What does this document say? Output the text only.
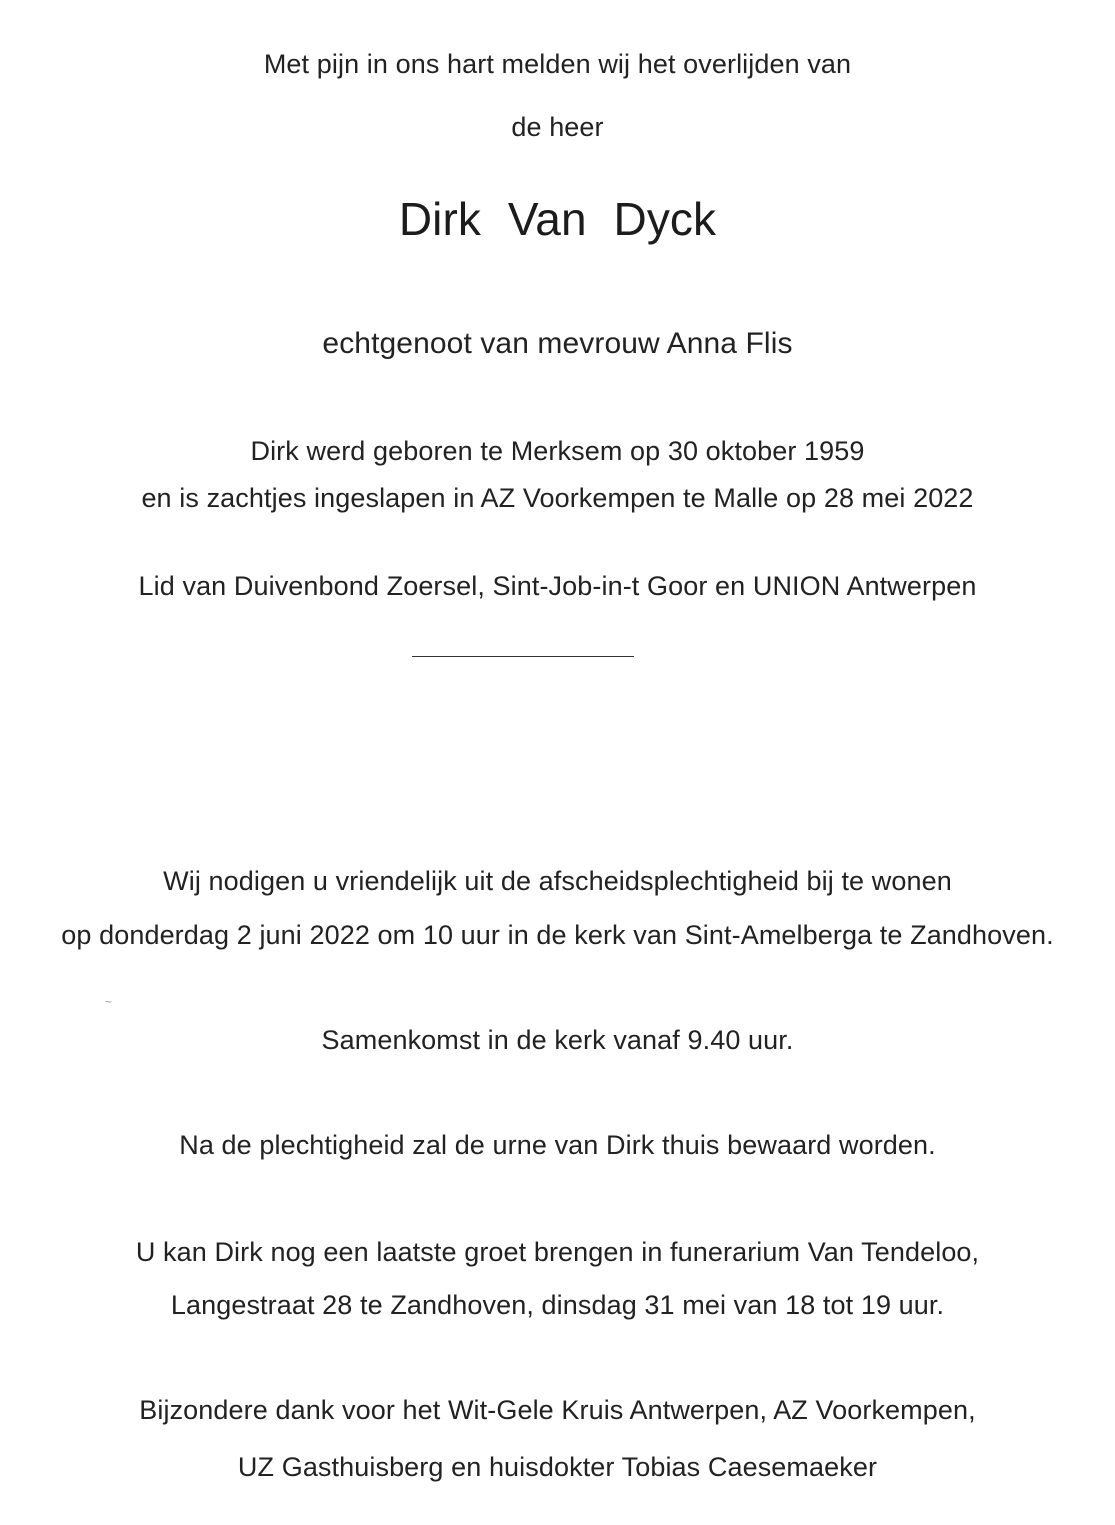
Met pijn in ons hart melden wij het overlijden van
de heer
Dirk Van Dyck
echtgenoot van mevrouw Anna Flis
Dirk werd geboren te Merksem op 30 oktober 1959
en is zachtjes ingeslapen in AZ Voorkempen te Malle op 28 mei 2022
Lid van Duivenbond Zoersel, Sint-Job-in-t Goor en UNION Antwerpen
Wij nodigen u vriendelijk uit de afscheidsplechtigheid bij te wonen
op donderdag 2 juni 2022 om 10 uur in de kerk van Sint-Amelberga te Zandhoven.
~
Samenkomst in de kerk vanaf 9.40 uur.
Na de plechtigheid zal de urne van Dirk thuis bewaard worden.
U kan Dirk nog een laatste groet brengen in funerarium Van Tendeloo,
Langestraat 28 te Zandhoven, dinsdag 31 mei van 18 tot 19 uur.
Bijzondere dank voor het Wit-Gele Kruis Antwerpen, AZ Voorkempen,
UZ Gasthuisberg en huisdokter Tobias Caesemaeker
